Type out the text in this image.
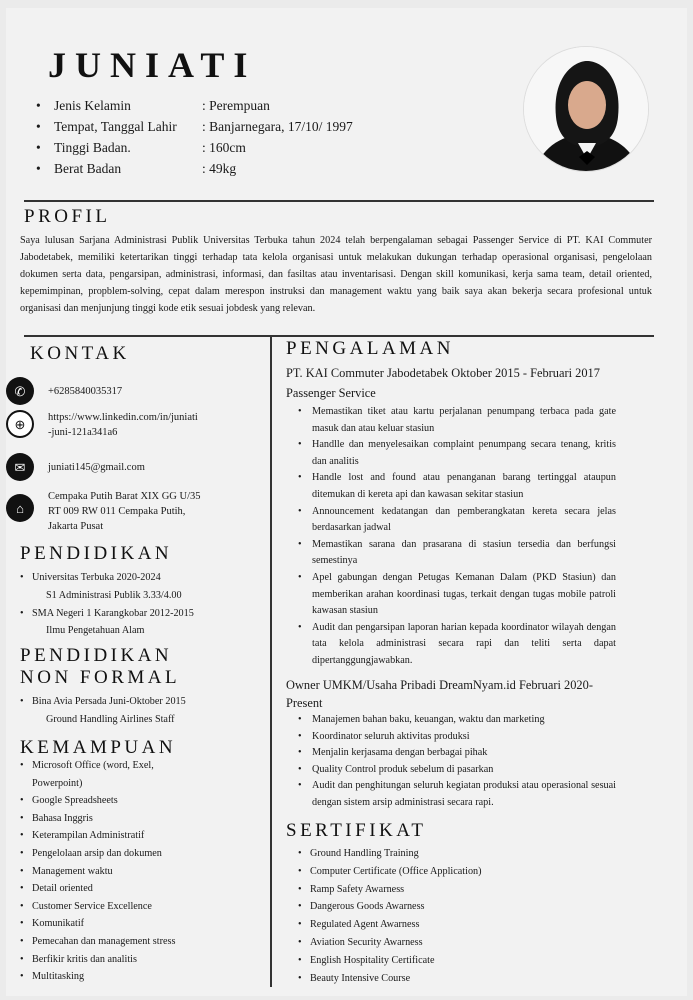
JUNIATI
• Jenis Kelamin	: Perempuan
• Tempat, Tanggal Lahir	: Banjarnegara, 17/10/ 1997
• Tinggi Badan.	: 160cm
• Berat Badan	: 49kg
PROFIL

Saya lulusan Sarjana Administrasi Publik Universitas Terbuka tahun 2024 telah berpengalaman sebagai Passenger Service di PT. KAI Commuter Jabodetabek, memiliki ketertarikan tinggi terhadap tata kelola organisasi untuk melakukan dukungan terhadap operasional organisasi, pengelolaan dokumen serta data, pengarsipan, administrasi, informasi, dan fasiltas atau inventarisasi. Dengan skill komunikasi, kerja sama team, detail oriented, kepemimpinan, propblem-solving, cepat dalam merespon instruksi dan management waktu yang baik saya akan bekerja secara profesional untuk organisasi dan menjunjung tinggi kode etik sesuai jobdesk yang relevan.

KONTAK
✆	+6285840035317
⊕	https://www.linkedin.com/in/juniati
-juni-121a341a6
✉	juniati145@gmail.com
⌂
Cempaka Putih Barat XIX GG U/35
RT 009 RW 011 Cempaka Putih,
Jakarta Pusat
PENDIDIKAN
• Universitas Terbuka 2020-2024
S1 Administrasi Publik 3.33/4.00
• SMA Negeri 1 Karangkobar 2012-2015
Ilmu Pengetahuan Alam
PENDIDIKAN
NON FORMAL
• Bina Avia Persada Juni-Oktober 2015
Ground Handling Airlines Staff
KEMAMPUAN
• Microsoft Office (word, Exel,
Powerpoint)
• Google Spreadsheets
• Bahasa Inggris
• Keterampilan Administratif
• Pengelolaan arsip dan dokumen
• Management waktu
• Detail oriented
• Customer Service Excellence
• Komunikatif
• Pemecahan dan management stress
• Berfikir kritis dan analitis
• Multitasking
PENGALAMAN
PT. KAI Commuter Jabodetabek Oktober 2015 - Februari 2017
Passenger Service
• Memastikan tiket atau kartu perjalanan penumpang terbaca pada gate masuk dan atau keluar stasiun
• Handlle dan menyelesaikan complaint penumpang secara tenang, kritis dan analitis
• Handle lost and found atau penanganan barang tertinggal ataupun ditemukan di kereta api dan kawasan sekitar stasiun
• Announcement kedatangan dan pemberangkatan kereta secara jelas berdasarkan jadwal
• Memastikan sarana dan prasarana di stasiun tersedia dan berfungsi semestinya
• Apel gabungan dengan Petugas Kemanan Dalam (PKD Stasiun) dan memberikan arahan koordinasi tugas, terkait dengan tugas mobile patroli kawasan stasiun
• Audit dan pengarsipan laporan harian kepada koordinator wilayah dengan tata kelola administrasi secara rapi dan teliti serta dapat dipertanggungjawabkan.
Owner UMKM/Usaha Pribadi DreamNyam.id Februari 2020-
Present
• Manajemen bahan baku, keuangan, waktu dan marketing
• Koordinator seluruh aktivitas produksi
• Menjalin kerjasama dengan berbagai pihak
• Quality Control produk sebelum di pasarkan
• Audit dan penghitungan seluruh kegiatan produksi atau operasional sesuai dengan sistem arsip administrasi secara rapi.
SERTIFIKAT
• Ground Handling Training
• Computer Certificate (Office Application)
• Ramp Safety Awarness
• Dangerous Goods Awarness
• Regulated Agent Awarness
• Aviation Security Awarness
• English Hospitality Certificate
• Beauty Intensive Course
